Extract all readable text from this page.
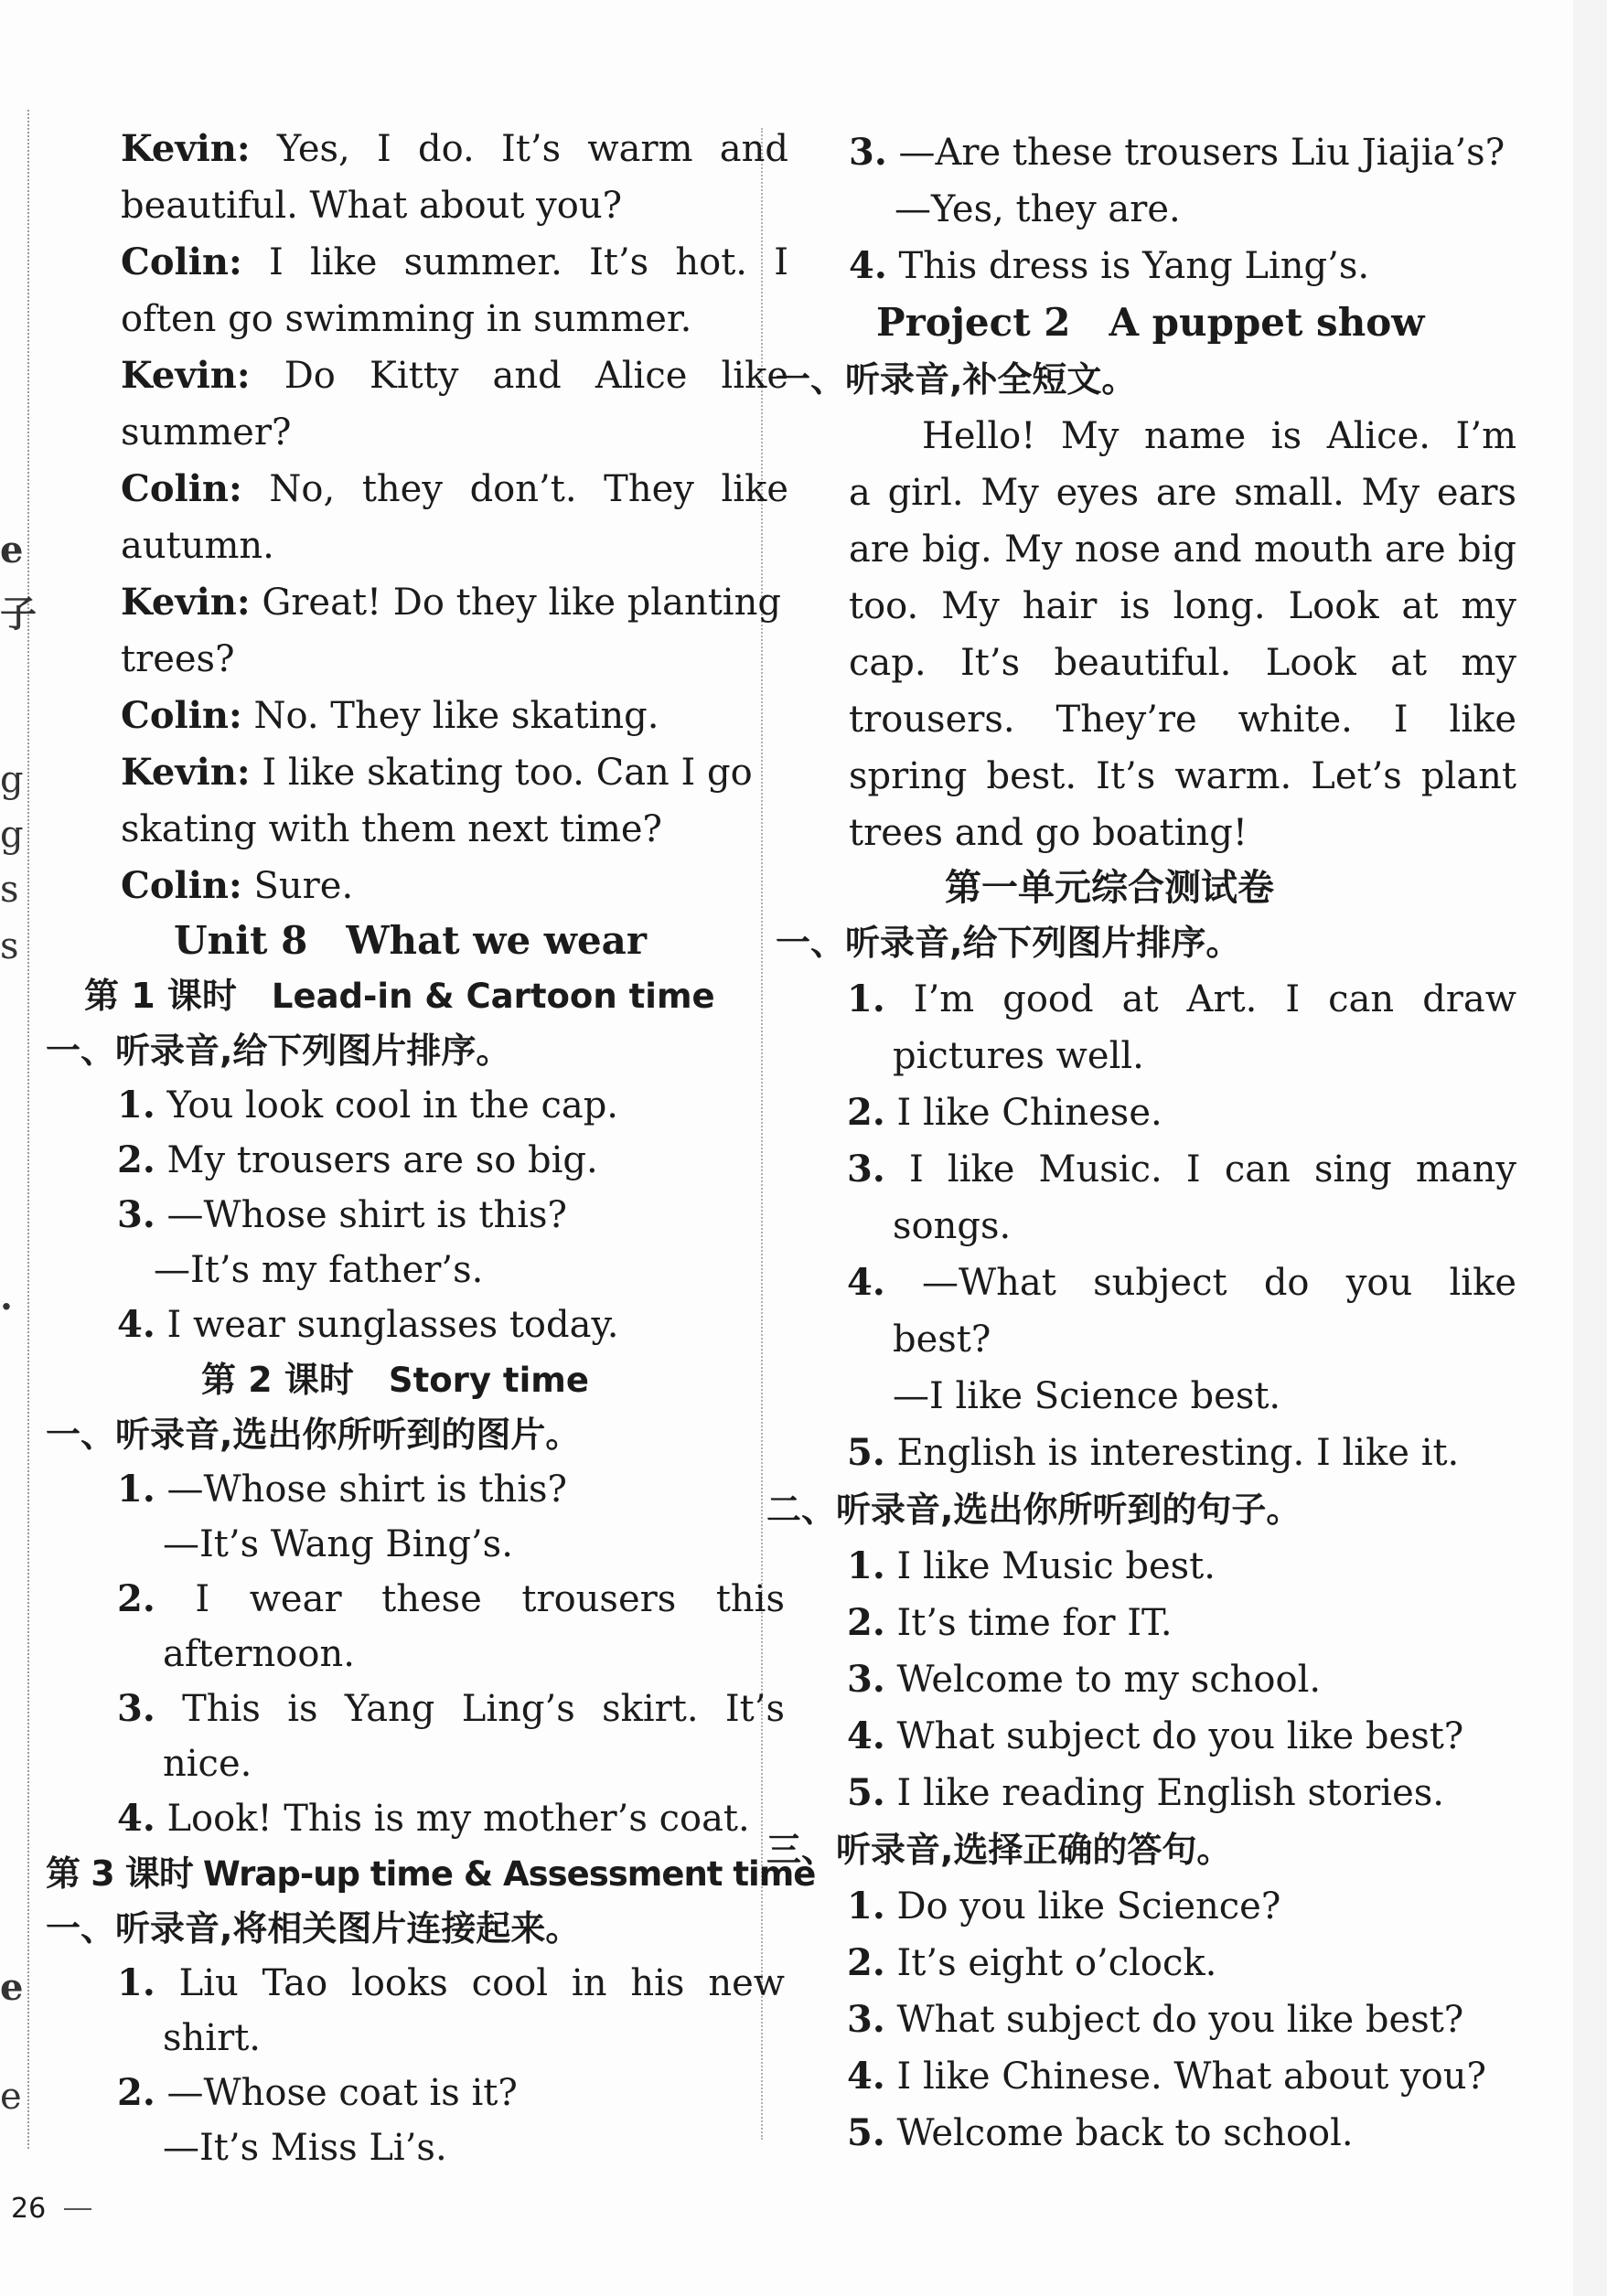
e
子
g
g
s
s
.
e
e
Kevin: Yes, I do. It’s warm and
beautiful. What about you?
Colin: I like summer. It’s hot. I
often go swimming in summer.
Kevin: Do Kitty and Alice like
summer?
Colin: No, they don’t. They like
autumn.
Kevin: Great! Do they like planting
trees?
Colin: No. They like skating.
Kevin: I like skating too. Can I go
skating with them next time?
Colin: Sure.
Unit 8　What we wear
第 1 课时　 Lead-in & Cartoon time
一、听录音,给下列图片排序。
1. You look cool in the cap.
2. My trousers are so big.
3. —Whose shirt is this?
—It’s my father’s.
4. I wear sunglasses today.
第 2 课时　 Story time
一、听录音,选出你所听到的图片。
1. —Whose shirt is this?
—It’s Wang Bing’s.
2. I wear these trousers this
afternoon.
3. This is Yang Ling’s skirt. It’s
nice.
4. Look! This is my mother’s coat.
第 3 课时 Wrap-up time & Assessment time
一、听录音,将相关图片连接起来。
1. Liu Tao looks cool in his new
shirt.
2. —Whose coat is it?
—It’s Miss Li’s.
3. —Are these trousers Liu Jiajia’s?
—Yes, they are.
4. This dress is Yang Ling’s.
Project 2　A puppet show
一、听录音,补全短文。
Hello! My name is Alice. I’m
a girl. My eyes are small. My ears
are big. My nose and mouth are big
too. My hair is long. Look at my
cap. It’s beautiful. Look at my
trousers. They’re white. I like
spring best. It’s warm. Let’s plant
trees and go boating!
第一单元综合测试卷
一、听录音,给下列图片排序。
1. I’m good at Art. I can draw
pictures well.
2. I like Chinese.
3. I like Music. I can sing many
songs.
4. —What subject do you like
best?
—I like Science best.
5. English is interesting. I like it.
二、听录音,选出你所听到的句子。
1. I like Music best.
2. It’s time for IT.
3. Welcome to my school.
4. What subject do you like best?
5. I like reading English stories.
三、听录音,选择正确的答句。
1. Do you like Science?
2. It’s eight o’clock.
3. What subject do you like best?
4. I like Chinese. What about you?
5. Welcome back to school.
26
